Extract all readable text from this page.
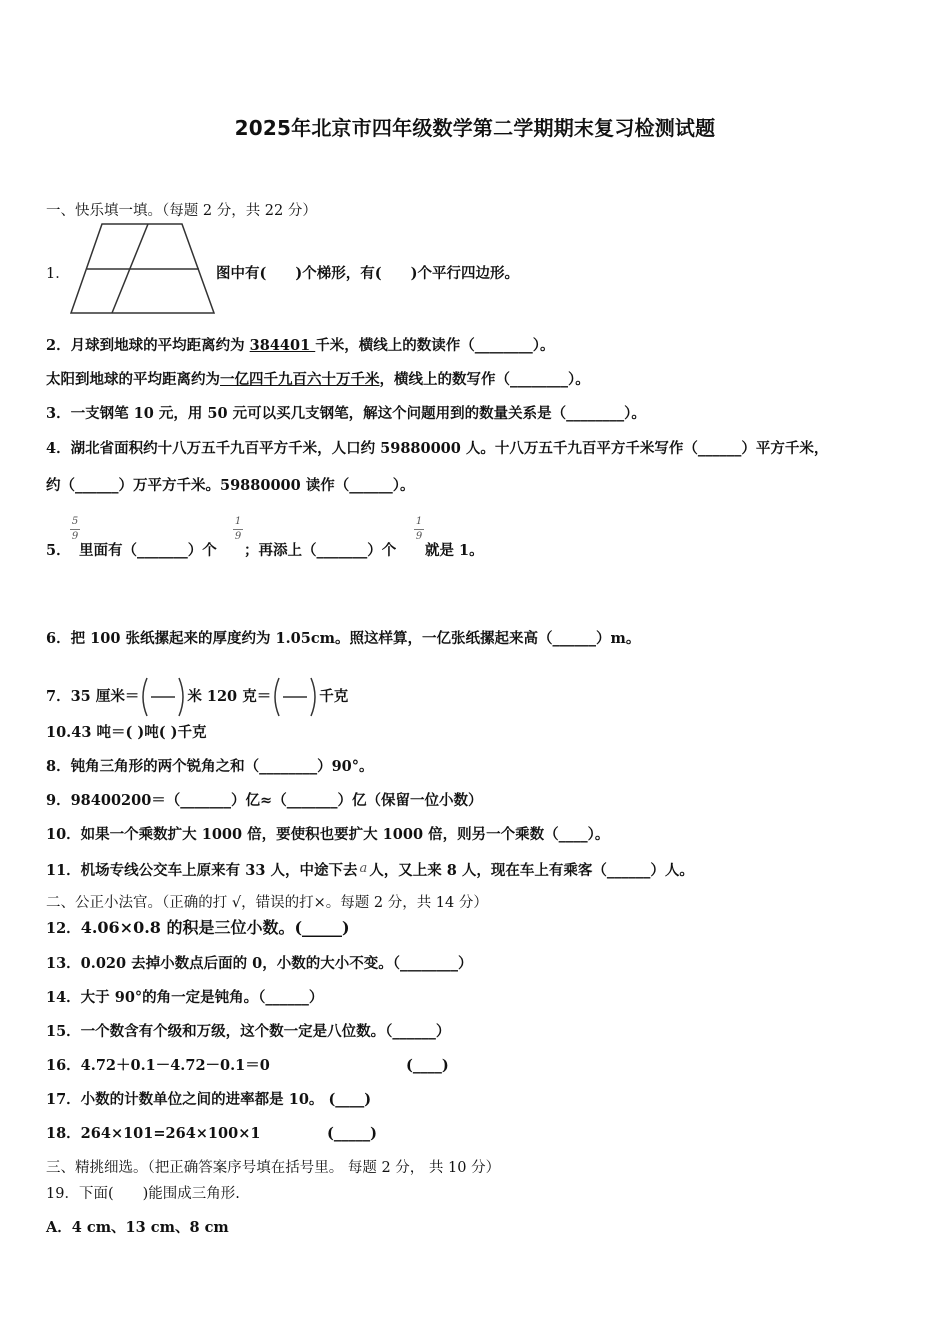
2025年北京市四年级数学第二学期期末复习检测试题
一、快乐填一填。（每题 2 分，共 22 分）
1．	图中有(　　)个梯形，有(　　)个平行四边形。
2．月球到地球的平均距离约为 384401 千米，横线上的数读作（________）。
太阳到地球的平均距离约为一亿四千九百六十万千米，横线上的数写作（________）。
3．一支钢笔 10 元，用 50 元可以买几支钢笔，解这个问题用到的数量关系是（________）。
4．湖北省面积约十八万五千九百平方千米，人口约 59880000 人。十八万五千九百平方千米写作（______）平方千米，
约（______）万平方千米。59880000 读作（______）。
5．
5
9
里面有（_______）个
1
9
；再添上（_______）个
1
9
就是 1。
6．把 100 张纸摞起来的厚度约为 1.05cm。照这样算，一亿张纸摞起来高（______）m。
7．35 厘米＝	米 120 克＝	千克
10.43 吨＝( )吨( )千克
8．钝角三角形的两个锐角之和（________）90°。
9．98400200＝（_______）亿≈（_______）亿（保留一位小数）
10．如果一个乘数扩大 1000 倍，要使积也要扩大 1000 倍，则另一个乘数（____）。
11．机场专线公交车上原来有 33 人，中途下去 a 人，又上来 8 人，现在车上有乘客（______）人。
二、公正小法官。（正确的打 √，错误的打×。每题 2 分，共 14 分）
12．4.06×0.8 的积是三位小数。(_____)
13．0.020 去掉小数点后面的 0，小数的大小不变。（________）
14．大于 90°的角一定是钝角。（______）
15．一个数含有个级和万级，这个数一定是八位数。（______）
16．4.72＋0.1－4.72－0.1＝0	(____)
17．小数的计数单位之间的进率都是 10。 (____)
18．264×101=264×100×1	(_____)
三、精挑细选。（把正确答案序号填在括号里。 每题 2 分， 共 10 分）
19．下面(　　)能围成三角形.
A．4 cm、13 cm、8 cm
